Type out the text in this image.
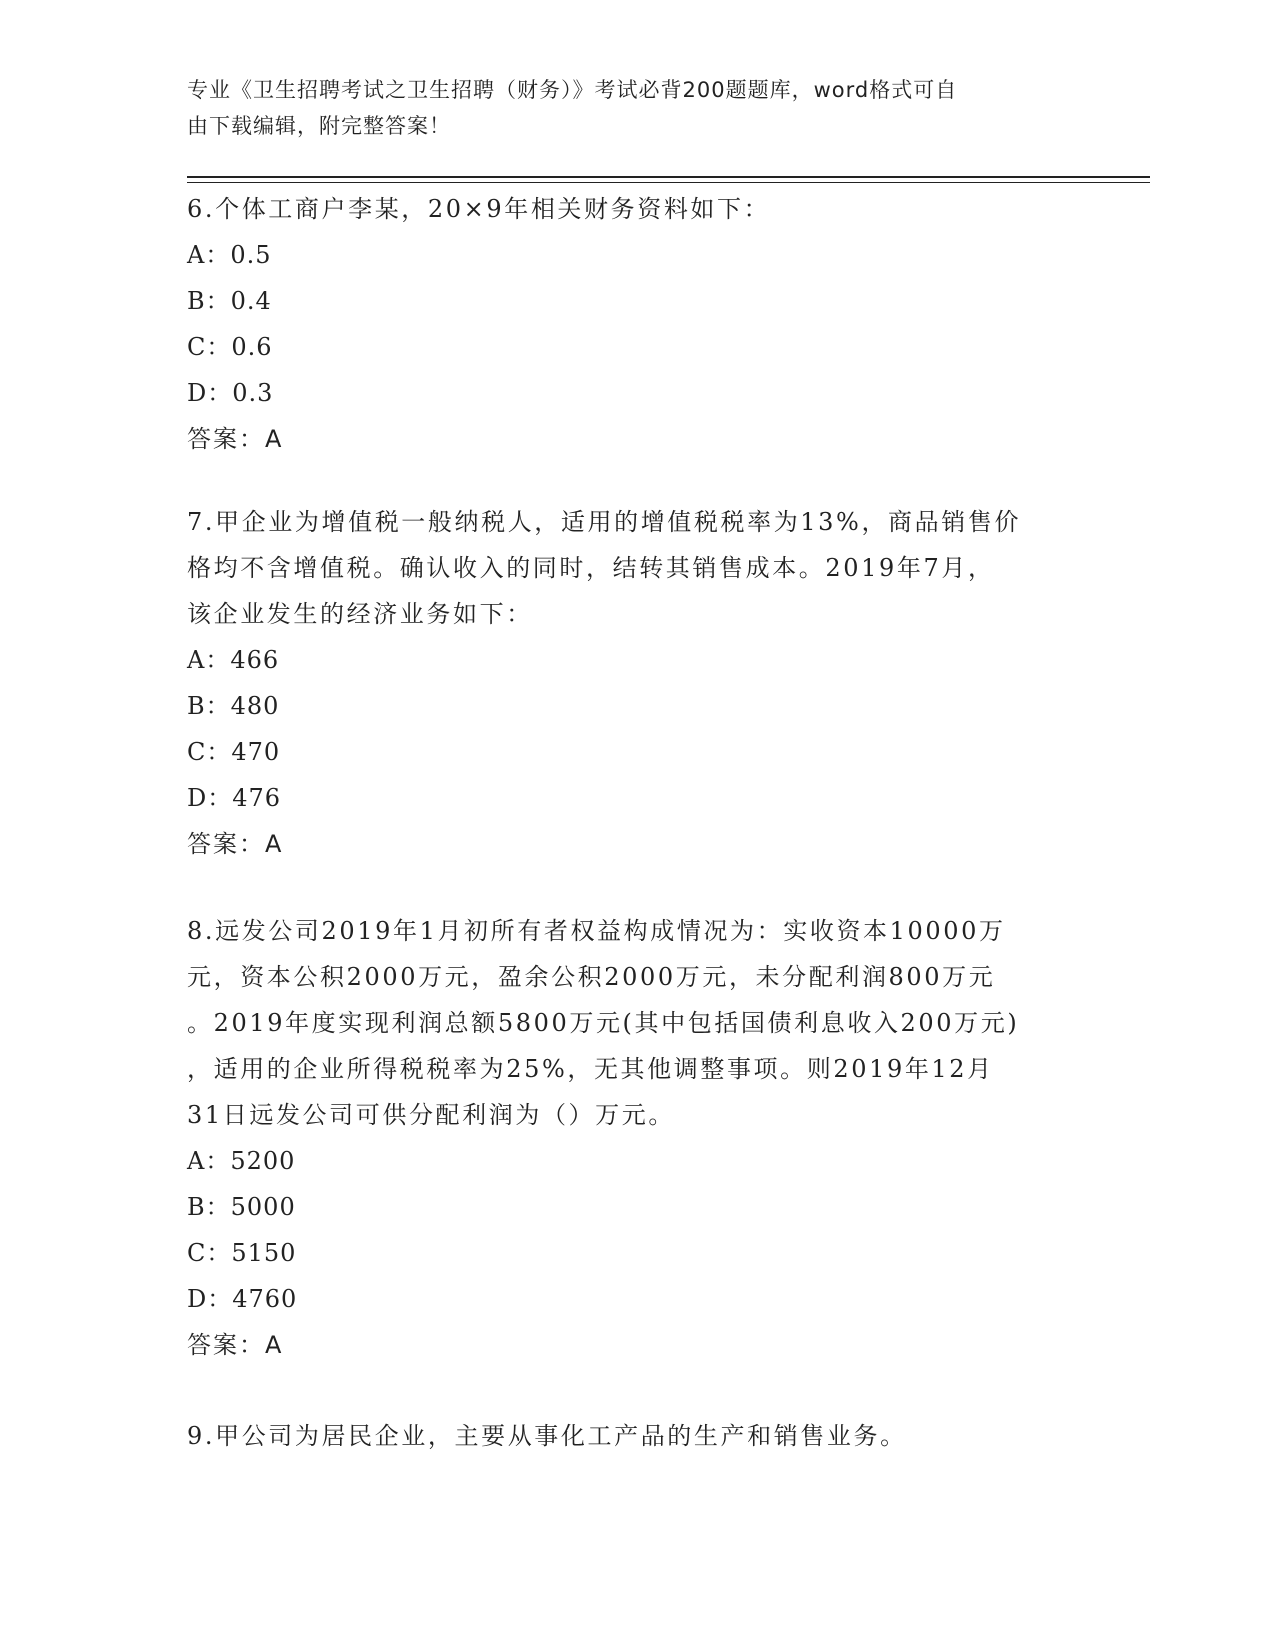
专业《卫生招聘考试之卫生招聘（财务）》考试必背200题题库，word格式可自
由下载编辑，附完整答案！
6.个体工商户李某，20×9年相关财务资料如下：
A：0.5
B：0.4
C：0.6
D：0.3
答案：A
7.甲企业为增值税一般纳税人，适用的增值税税率为13%，商品销售价
格均不含增值税。确认收入的同时，结转其销售成本。2019年7月，
该企业发生的经济业务如下：
A：466
B：480
C：470
D：476
答案：A
8.远发公司2019年1月初所有者权益构成情况为：实收资本10000万
元，资本公积2000万元，盈余公积2000万元，未分配利润800万元
。2019年度实现利润总额5800万元(其中包括国债利息收入200万元)
，适用的企业所得税税率为25%，无其他调整事项。则2019年12月
31日远发公司可供分配利润为（）万元。
A：5200
B：5000
C：5150
D：4760
答案：A
9.甲公司为居民企业，主要从事化工产品的生产和销售业务。
